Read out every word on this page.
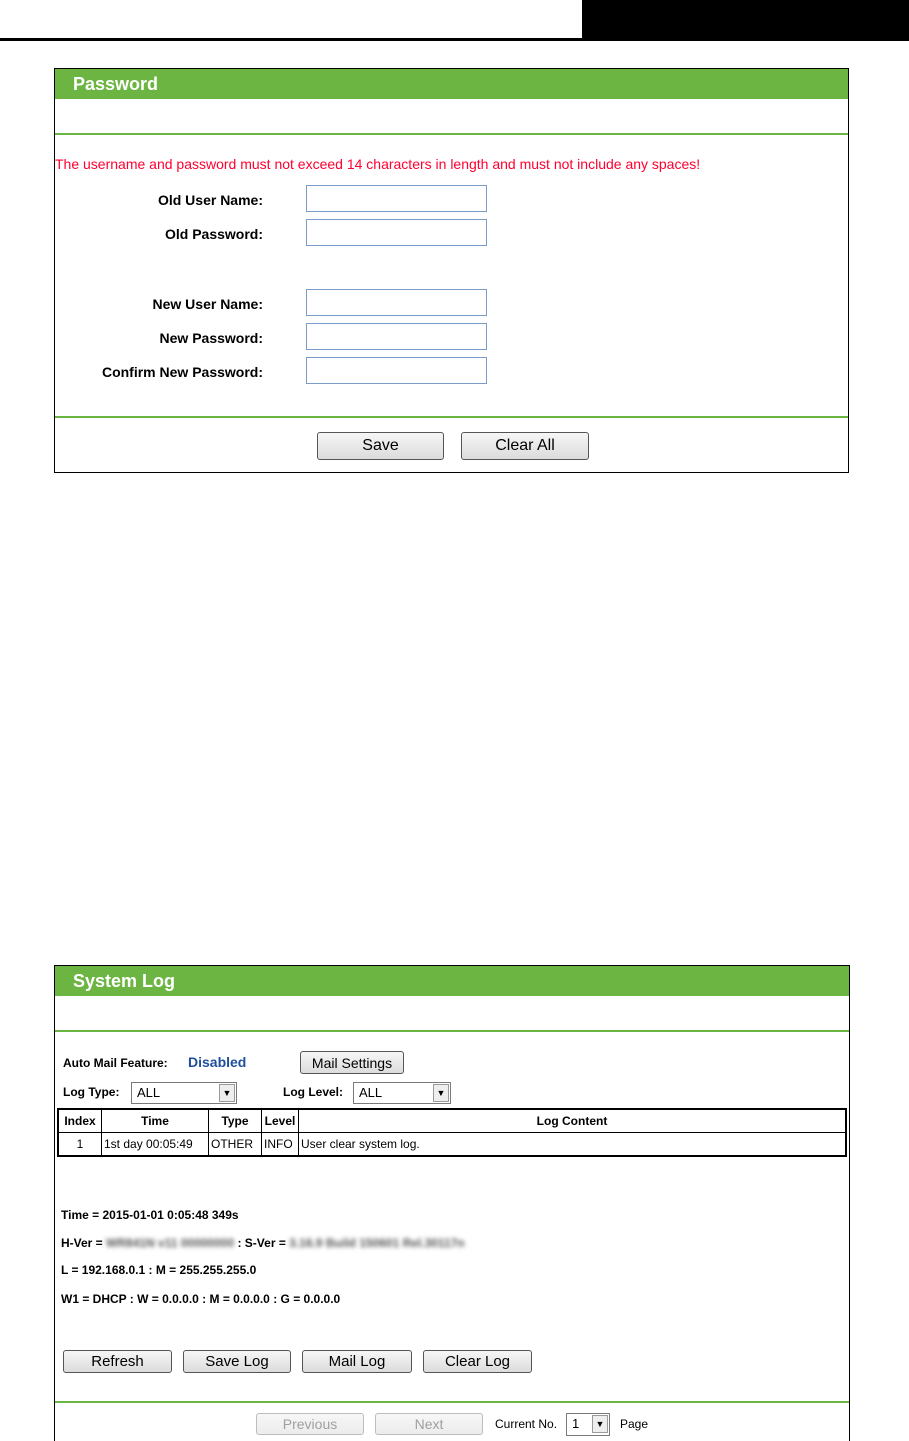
Password
The username and password must not exceed 14 characters in length and must not include any spaces!
Old User Name:
Old Password:
New User Name:
New Password:
Confirm New Password:
Save	Clear All
System Log
Auto Mail Feature: Disabled	Mail Settings
Log Type:	ALL	▼	Log Level:	ALL	▼
Index	Time	Type	Level	Log Content
1	1st day 00:05:49	OTHER	INFO	User clear system log.
Time = 2015-01-01 0:05:48 349s
H-Ver = WR841N v11 00000000 : S-Ver = 3.16.9 Build 150601 Rel.30117n
L = 192.168.0.1 : M = 255.255.255.0
W1 = DHCP : W = 0.0.0.0 : M = 0.0.0.0 : G = 0.0.0.0
Refresh	Save Log	Mail Log	Clear Log
Previous	Next	Current No.	1	▼ Page
